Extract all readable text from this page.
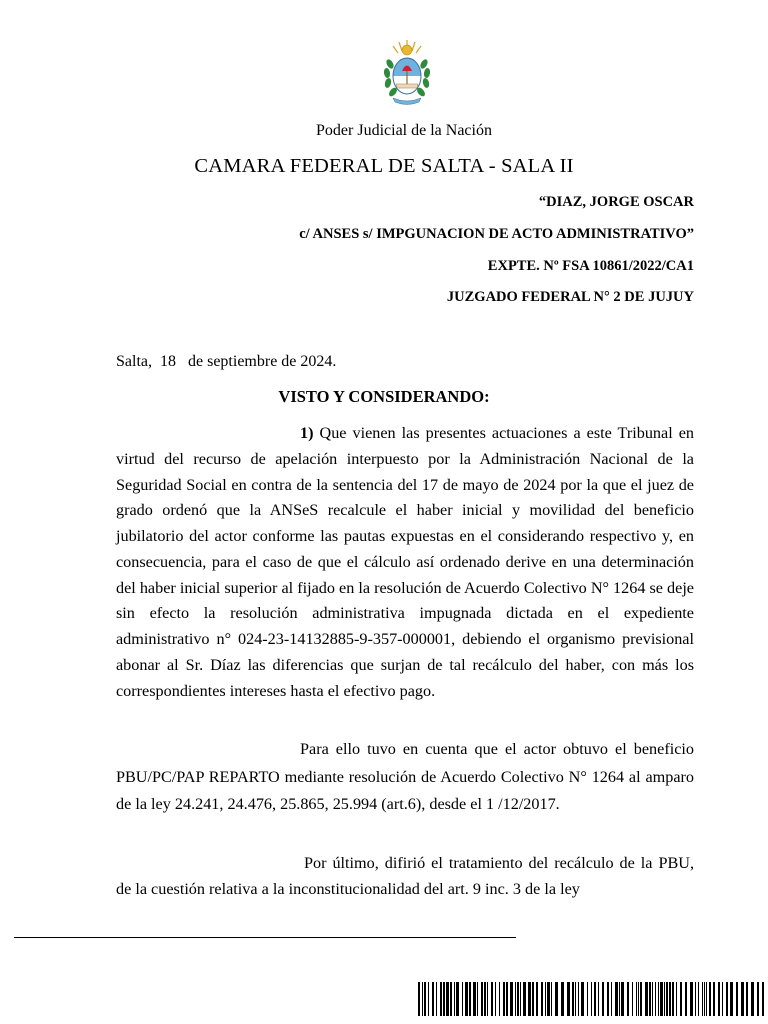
Poder Judicial de la Nación
CAMARA FEDERAL DE SALTA - SALA II
“DIAZ, JORGE OSCAR
c/ ANSES s/ IMPGUNACION DE ACTO ADMINISTRATIVO”
EXPTE. Nº FSA 10861/2022/CA1
JUZGADO FEDERAL N° 2 DE JUJUY
Salta,  18   de septiembre de 2024.
VISTO Y CONSIDERANDO:

1) Que vienen las presentes actuaciones a este Tribunal en virtud del recurso de apelación interpuesto por la Administración Nacional de la Seguridad Social en contra de la sentencia del 17 de mayo de 2024 por la que el juez de grado ordenó que la ANSeS recalcule el haber inicial y movilidad del beneficio jubilatorio del actor conforme las pautas expuestas en el considerando respectivo y, en consecuencia, para el caso de que el cálculo así ordenado derive en una determinación del haber inicial superior al fijado en la resolución de Acuerdo Colectivo N° 1264 se deje sin efecto la resolución administrativa impugnada dictada en el expediente administrativo n° 024-23-14132885-9-357-000001, debiendo el organismo previsional abonar al Sr. Díaz las diferencias que surjan de tal recálculo del haber, con más los correspondientes intereses hasta el efectivo pago.

Para ello tuvo en cuenta que el actor obtuvo el beneficio PBU/PC/PAP REPARTO mediante resolución de Acuerdo Colectivo N° 1264 al amparo de la ley 24.241, 24.476, 25.865, 25.994 (art.6), desde el 1 /12/2017.

Por último, difirió el tratamiento del recálculo de la PBU, de la cuestión relativa a la inconstitucionalidad del art. 9 inc. 3 de la ley
